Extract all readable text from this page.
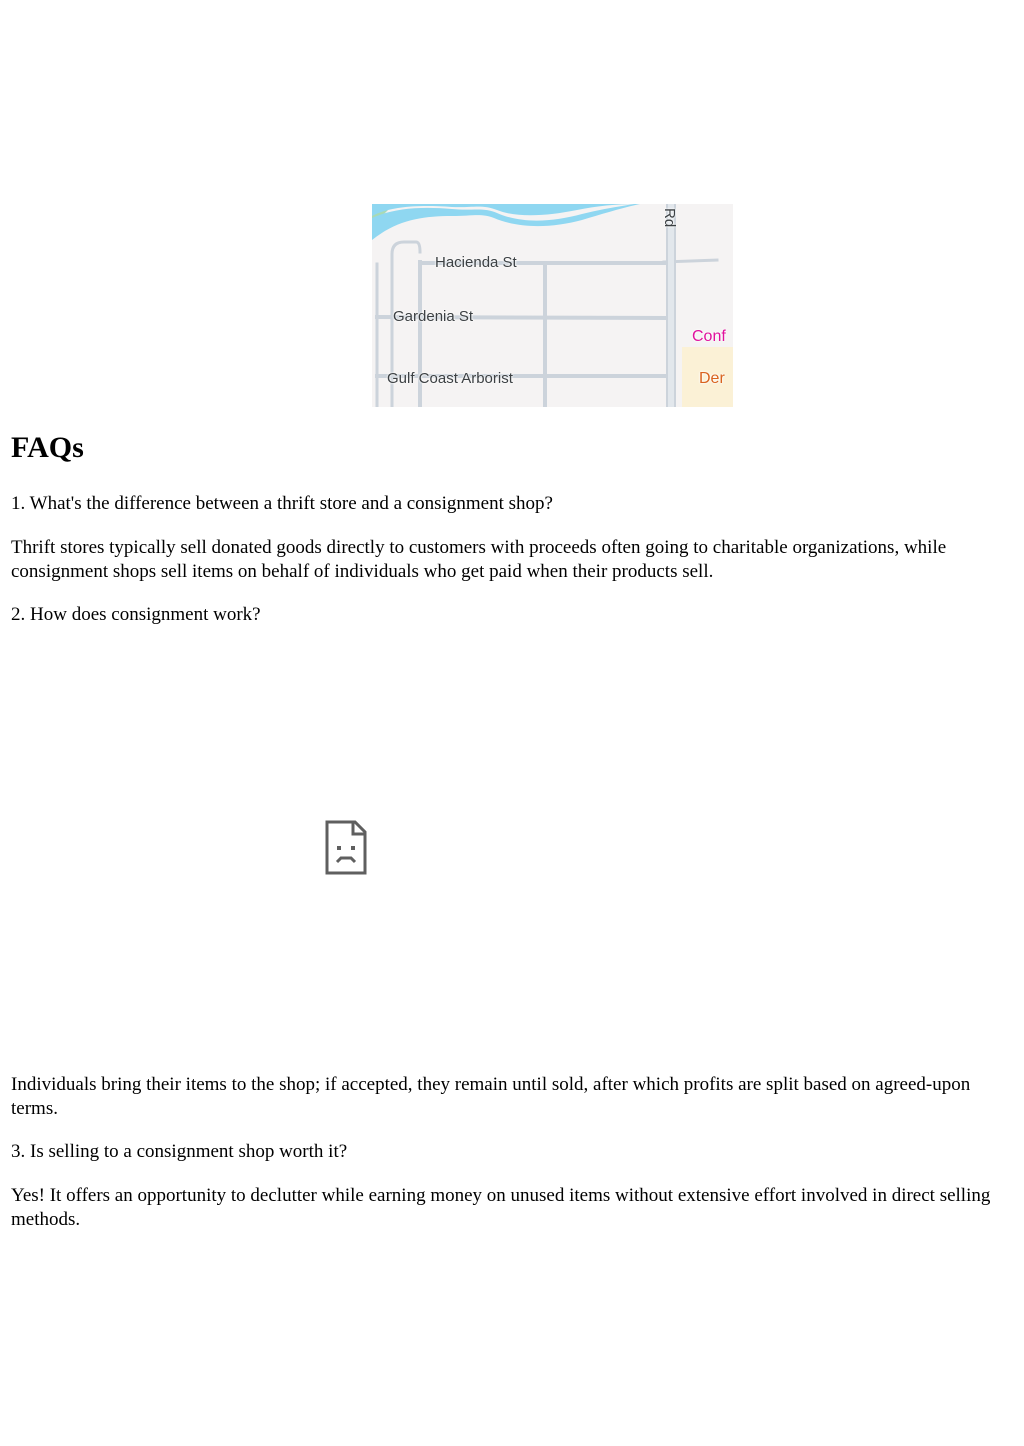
Hacienda St
Gardenia St
Gulf Coast Arborist
Rd
Conf
Der
FAQs

1. What's the difference between a thrift store and a consignment shop?

Thrift stores typically sell donated goods directly to customers with proceeds often going to charitable organizations, while consignment shops sell items on behalf of individuals who get paid when their products sell.

2. How does consignment work?

Individuals bring their items to the shop; if accepted, they remain until sold, after which profits are split based on agreed-upon terms.

3. Is selling to a consignment shop worth it?

Yes! It offers an opportunity to declutter while earning money on unused items without extensive effort involved in direct selling methods.
